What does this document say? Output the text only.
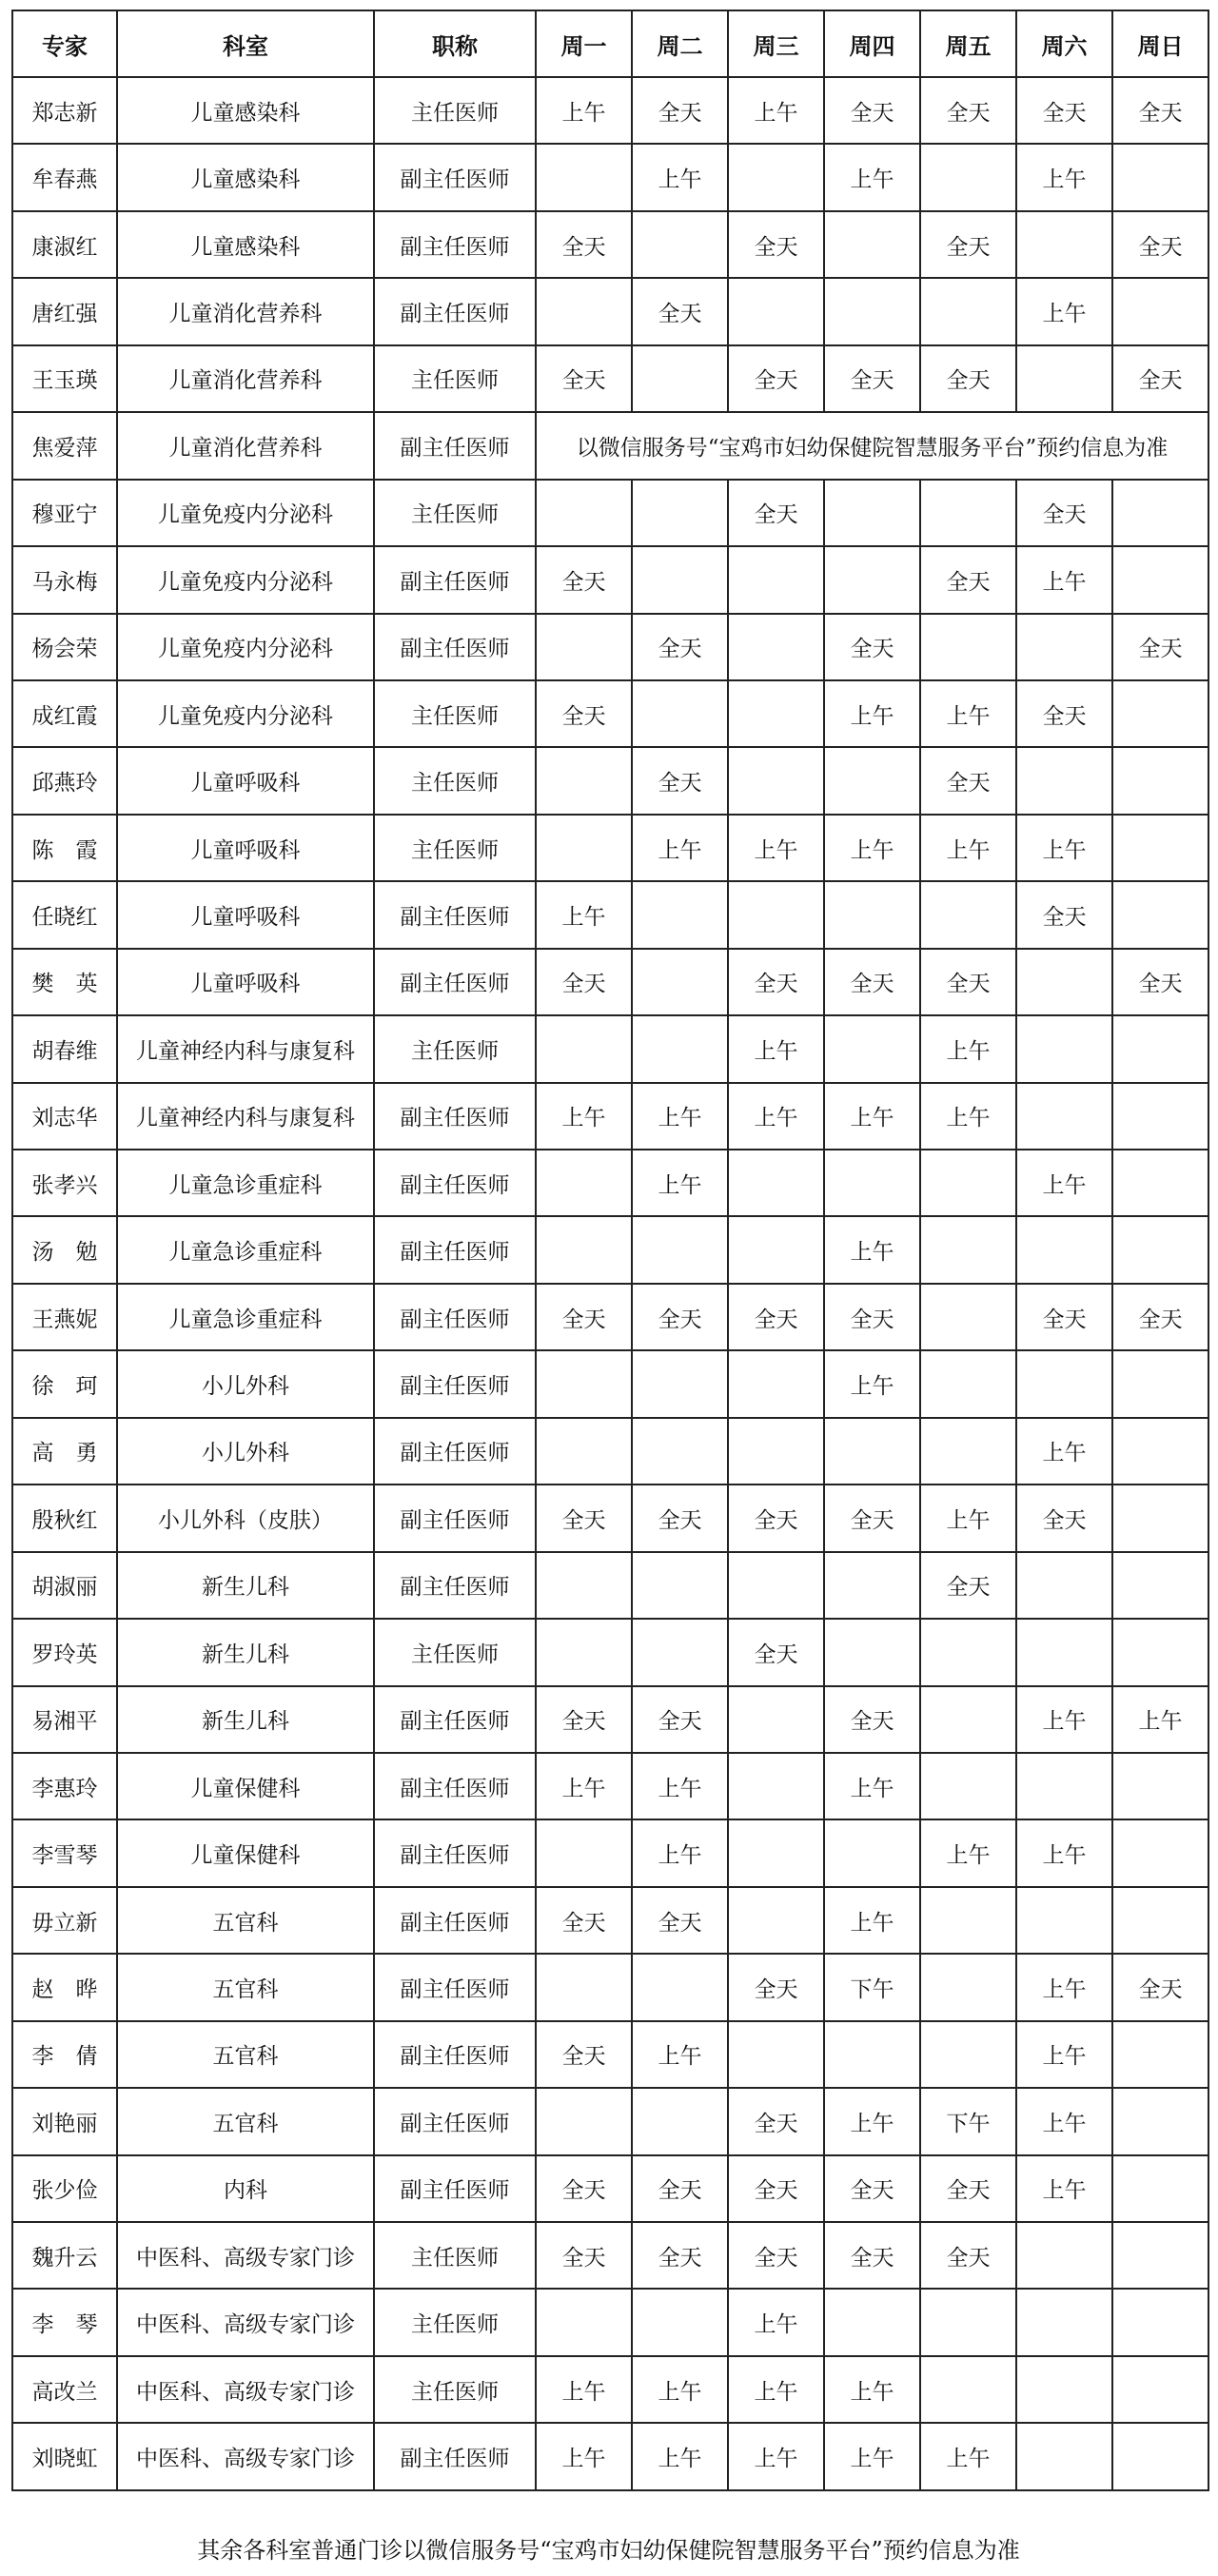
专家	科室	职称	周一	周二	周三	周四	周五	周六	周日
郑志新	儿童感染科	主任医师	上午	全天	上午	全天	全天	全天	全天
牟春燕	儿童感染科	副主任医师		上午		上午		上午	
康淑红	儿童感染科	副主任医师	全天		全天		全天		全天
唐红强	儿童消化营养科	副主任医师		全天				上午	
王玉瑛	儿童消化营养科	主任医师	全天		全天	全天	全天		全天
焦爱萍	儿童消化营养科	副主任医师	以微信服务号“宝鸡市妇幼保健院智慧服务平台”预约信息为准						
穆亚宁	儿童免疫内分泌科	主任医师			全天			全天	
马永梅	儿童免疫内分泌科	副主任医师	全天				全天	上午	
杨会荣	儿童免疫内分泌科	副主任医师		全天		全天			全天
成红霞	儿童免疫内分泌科	主任医师	全天			上午	上午	全天	
邱燕玲	儿童呼吸科	主任医师		全天			全天		
陈　霞	儿童呼吸科	主任医师		上午	上午	上午	上午	上午	
任晓红	儿童呼吸科	副主任医师	上午					全天	
樊　英	儿童呼吸科	副主任医师	全天		全天	全天	全天		全天
胡春维	儿童神经内科与康复科	主任医师			上午		上午		
刘志华	儿童神经内科与康复科	副主任医师	上午	上午	上午	上午	上午		
张孝兴	儿童急诊重症科	副主任医师		上午				上午	
汤　勉	儿童急诊重症科	副主任医师				上午			
王燕妮	儿童急诊重症科	副主任医师	全天	全天	全天	全天		全天	全天
徐　珂	小儿外科	副主任医师				上午			
高　勇	小儿外科	副主任医师						上午	
殷秋红	小儿外科（皮肤）	副主任医师	全天	全天	全天	全天	上午	全天	
胡淑丽	新生儿科	副主任医师					全天		
罗玲英	新生儿科	主任医师			全天				
易湘平	新生儿科	副主任医师	全天	全天		全天		上午	上午
李惠玲	儿童保健科	副主任医师	上午	上午		上午			
李雪琴	儿童保健科	副主任医师		上午			上午	上午	
毋立新	五官科	副主任医师	全天	全天		上午			
赵　晔	五官科	副主任医师			全天	下午		上午	全天
李　倩	五官科	副主任医师	全天	上午				上午	
刘艳丽	五官科	副主任医师			全天	上午	下午	上午	
张少俭	内科	副主任医师	全天	全天	全天	全天	全天	上午	
魏升云	中医科、高级专家门诊	主任医师	全天	全天	全天	全天	全天		
李　琴	中医科、高级专家门诊	主任医师			上午				
高改兰	中医科、高级专家门诊	主任医师	上午	上午	上午	上午			
刘晓虹	中医科、高级专家门诊	副主任医师	上午	上午	上午	上午	上午		
其余各科室普通门诊以微信服务号“宝鸡市妇幼保健院智慧服务平台”预约信息为准
